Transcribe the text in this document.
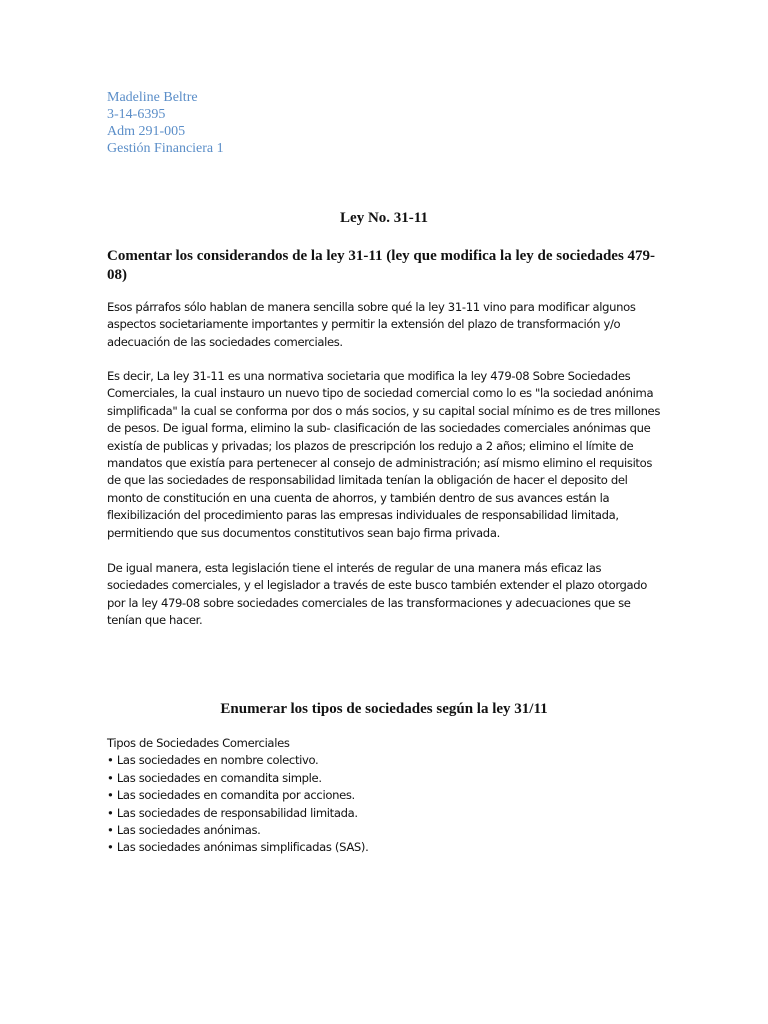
Madeline Beltre
3-14-6395
Adm 291-005
Gestión Financiera 1
Ley No. 31-11
Comentar los considerandos de la ley 31-11 (ley que modifica la ley de sociedades 479-08)
Esos párrafos sólo hablan de manera sencilla sobre qué la ley 31-11 vino para modificar algunos aspectos societariamente importantes y permitir la extensión del plazo de transformación y/o adecuación de las sociedades comerciales.
Es decir, La ley 31-11 es una normativa societaria que modifica la ley 479-08 Sobre Sociedades Comerciales, la cual instauro un nuevo tipo de sociedad comercial como lo es "la sociedad anónima simplificada" la cual se conforma por dos o más socios, y su capital social mínimo es de tres millones de pesos. De igual forma, elimino la sub- clasificación de las sociedades comerciales anónimas que existía de publicas y privadas; los plazos de prescripción los redujo a 2 años; elimino el límite de mandatos que existía para pertenecer al consejo de administración; así mismo elimino el requisitos de que las sociedades de responsabilidad limitada tenían la obligación de hacer el deposito del monto de constitución en una cuenta de ahorros, y también dentro de sus avances están la flexibilización del procedimiento paras las empresas individuales de responsabilidad limitada, permitiendo que sus documentos constitutivos sean bajo firma privada.
De igual manera, esta legislación tiene el interés de regular de una manera más eficaz las sociedades comerciales, y el legislador a través de este busco también extender el plazo otorgado por la ley 479-08 sobre sociedades comerciales de las transformaciones y adecuaciones que se tenían que hacer.
Enumerar los tipos de sociedades según la ley 31/11
Tipos de Sociedades Comerciales
• Las sociedades en nombre colectivo.
• Las sociedades en comandita simple.
• Las sociedades en comandita por acciones.
• Las sociedades de responsabilidad limitada.
• Las sociedades anónimas.
• Las sociedades anónimas simplificadas (SAS).
